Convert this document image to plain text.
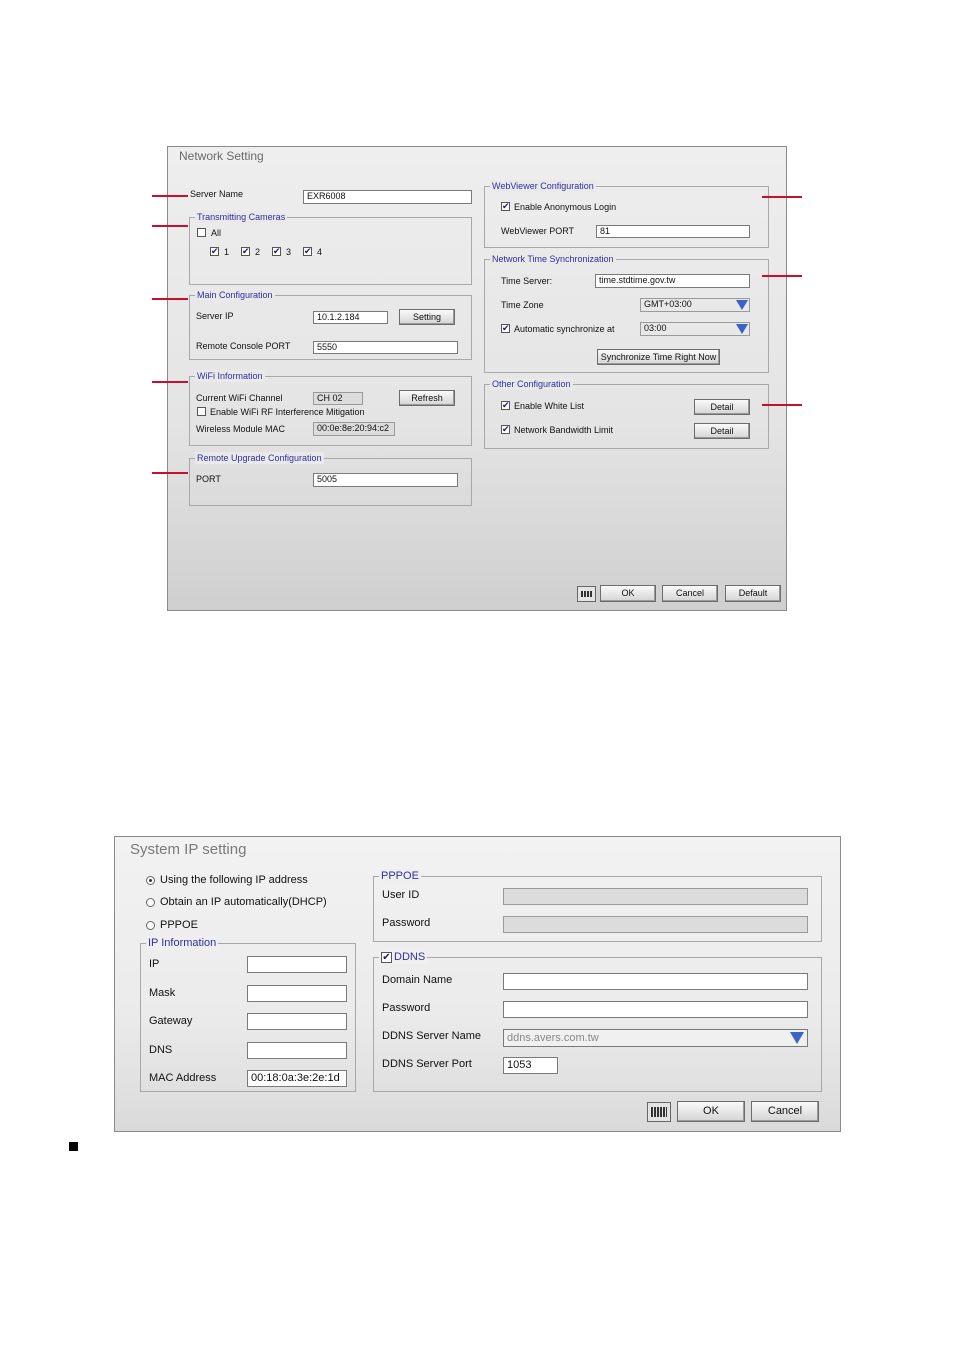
Network Setting
Server Name	EXR6008
Transmitting Cameras
All
✔ 1 ✔ 2 ✔ 3 ✔ 4
Main Configuration
Server IP	10.1.2.184	Setting
Remote Console PORT	5550
WiFi Information
Current WiFi Channel	CH 02	Refresh
Enable WiFi RF Interference Mitigation
Wireless Module MAC	00:0e:8e:20:94:c2
Remote Upgrade Configuration
PORT	5005
WebViewer Configuration
✔ Enable Anonymous Login
WebViewer PORT	81
Network Time Synchronization
Time Server:	time.stdtime.gov.tw
Time Zone	GMT+03:00
✔ Automatic synchronize at	03:00
Synchronize Time Right Now
Other Configuration
✔ Enable White List	Detail
✔ Network Bandwidth Limit	Detail
OK	Cancel	Default
System IP setting
Using the following IP address
Obtain an IP automatically(DHCP)
PPPOE
IP Information
IP
Mask
Gateway
DNS
MAC Address	00:18:0a:3e:2e:1d
PPPOE
User ID
Password
✔ DDNS
Domain Name
Password
DDNS Server Name	ddns.avers.com.tw
DDNS Server Port	1053
OK	Cancel
